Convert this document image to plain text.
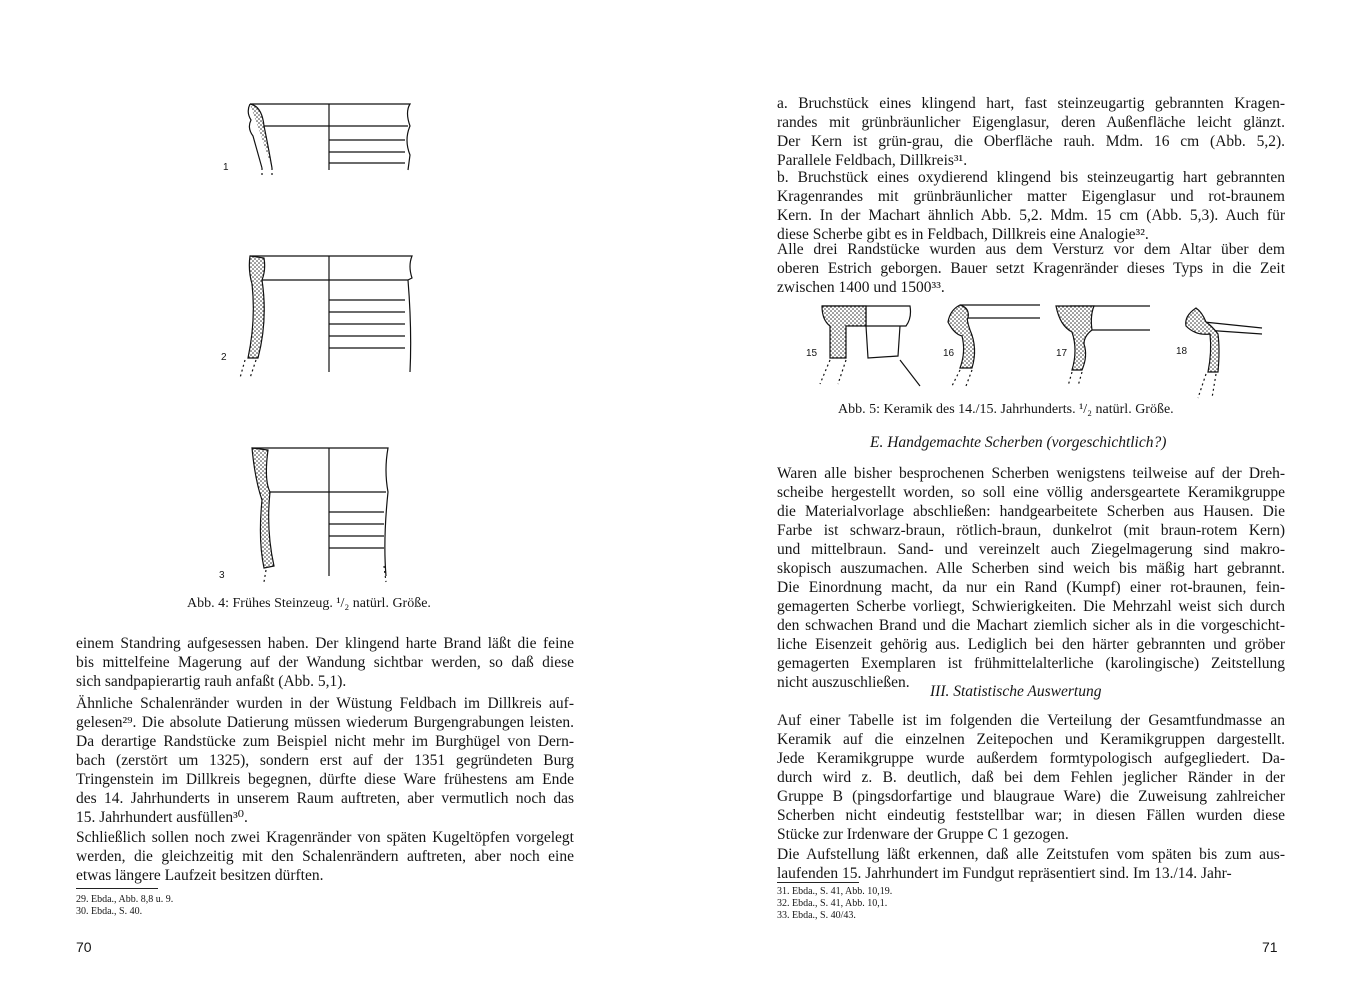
1
2
3
Abb. 4: Frühes Steinzeug. ¹/₂ natürl. Größe.

einem Standring aufgesessen haben. Der klingend harte Brand läßt die feine
bis mittelfeine Magerung auf der Wandung sichtbar werden, so daß diese
sich sandpapierartig rauh anfaßt (Abb. 5,1).

Ähnliche Schalenränder wurden in der Wüstung Feldbach im Dillkreis auf-
gelesen²⁹. Die absolute Datierung müssen wiederum Burgengrabungen leisten.
Da derartige Randstücke zum Beispiel nicht mehr im Burghügel von Dern-
bach (zerstört um 1325), sondern erst auf der 1351 gegründeten Burg
Tringenstein im Dillkreis begegnen, dürfte diese Ware frühestens am Ende
des 14. Jahrhunderts in unserem Raum auftreten, aber vermutlich noch das
15. Jahrhundert ausfüllen³⁰.

Schließlich sollen noch zwei Kragenränder von späten Kugeltöpfen vorgelegt
werden, die gleichzeitig mit den Schalenrändern auftreten, aber noch eine
etwas längere Laufzeit besitzen dürften.

29. Ebda., Abb. 8,8 u. 9.
30. Ebda., S. 40.

70

a. Bruchstück eines klingend hart, fast steinzeugartig gebrannten Kragen-
randes mit grünbräunlicher Eigenglasur, deren Außenfläche leicht glänzt.
Der Kern ist grün-grau, die Oberfläche rauh. Mdm. 16 cm (Abb. 5,2).
Parallele Feldbach, Dillkreis³¹.

b. Bruchstück eines oxydierend klingend bis steinzeugartig hart gebrannten
Kragenrandes mit grünbräunlicher matter Eigenglasur und rot-braunem
Kern. In der Machart ähnlich Abb. 5,2. Mdm. 15 cm (Abb. 5,3). Auch für
diese Scherbe gibt es in Feldbach, Dillkreis eine Analogie³².

Alle drei Randstücke wurden aus dem Versturz vor dem Altar über dem
oberen Estrich geborgen. Bauer setzt Kragenränder dieses Typs in die Zeit
zwischen 1400 und 1500³³.

15	16	17	18
Abb. 5: Keramik des 14./15. Jahrhunderts. ¹/₂ natürl. Größe.
E. Handgemachte Scherben (vorgeschichtlich?)

Waren alle bisher besprochenen Scherben wenigstens teilweise auf der Dreh-
scheibe hergestellt worden, so soll eine völlig andersgeartete Keramikgruppe
die Materialvorlage abschließen: handgearbeitete Scherben aus Hausen. Die
Farbe ist schwarz-braun, rötlich-braun, dunkelrot (mit braun-rotem Kern)
und mittelbraun. Sand- und vereinzelt auch Ziegelmagerung sind makro-
skopisch auszumachen. Alle Scherben sind weich bis mäßig hart gebrannt.
Die Einordnung macht, da nur ein Rand (Kumpf) einer rot-braunen, fein-
gemagerten Scherbe vorliegt, Schwierigkeiten. Die Mehrzahl weist sich durch
den schwachen Brand und die Machart ziemlich sicher als in die vorgeschicht-
liche Eisenzeit gehörig aus. Lediglich bei den härter gebrannten und gröber
gemagerten Exemplaren ist frühmittelalterliche (karolingische) Zeitstellung
nicht auszuschließen.

III. Statistische Auswertung

Auf einer Tabelle ist im folgenden die Verteilung der Gesamtfundmasse an
Keramik auf die einzelnen Zeitepochen und Keramikgruppen dargestellt.
Jede Keramikgruppe wurde außerdem formtypologisch aufgegliedert. Da-
durch wird z. B. deutlich, daß bei dem Fehlen jeglicher Ränder in der
Gruppe B (pingsdorfartige und blaugraue Ware) die Zuweisung zahlreicher
Scherben nicht eindeutig feststellbar war; in diesen Fällen wurden diese
Stücke zur Irdenware der Gruppe C 1 gezogen.

Die Aufstellung läßt erkennen, daß alle Zeitstufen vom späten bis zum aus-
laufenden 15. Jahrhundert im Fundgut repräsentiert sind. Im 13./14. Jahr-

31. Ebda., S. 41, Abb. 10,19.
32. Ebda., S. 41, Abb. 10,1.
33. Ebda., S. 40/43.

71
